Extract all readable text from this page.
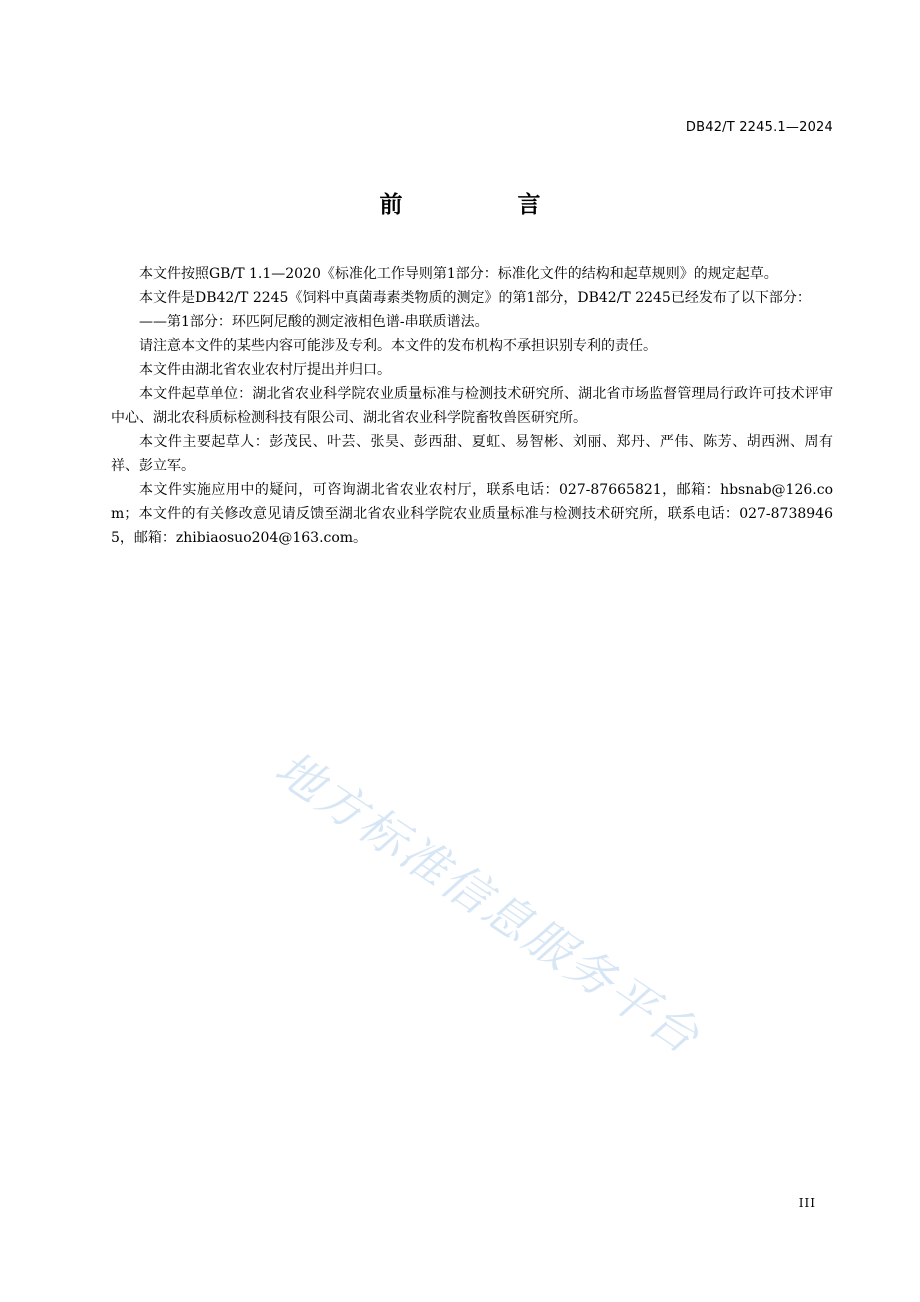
DB42/T 2245.1—2024
前　言

本文件按照GB/T 1.1—2020《标准化工作导则第1部分：标准化文件的结构和起草规则》的规定起草。

本文件是DB42/T 2245《饲料中真菌毒素类物质的测定》的第1部分，DB42/T 2245已经发布了以下部分：

——第1部分：环匹阿尼酸的测定液相色谱-串联质谱法。

请注意本文件的某些内容可能涉及专利。本文件的发布机构不承担识别专利的责任。

本文件由湖北省农业农村厅提出并归口。

本文件起草单位：湖北省农业科学院农业质量标准与检测技术研究所、湖北省市场监督管理局行政许可技术评审中心、湖北农科质标检测科技有限公司、湖北省农业科学院畜牧兽医研究所。

本文件主要起草人：彭茂民、叶芸、张昊、彭西甜、夏虹、易智彬、刘丽、郑丹、严伟、陈芳、胡西洲、周有祥、彭立军。

本文件实施应用中的疑问，可咨询湖北省农业农村厅，联系电话：027-87665821，邮箱：hbsnab@126.com；本文件的有关修改意见请反馈至湖北省农业科学院农业质量标准与检测技术研究所，联系电话：027-87389465，邮箱：zhibiaosuo204@163.com。

地方标准信息服务平台
III
